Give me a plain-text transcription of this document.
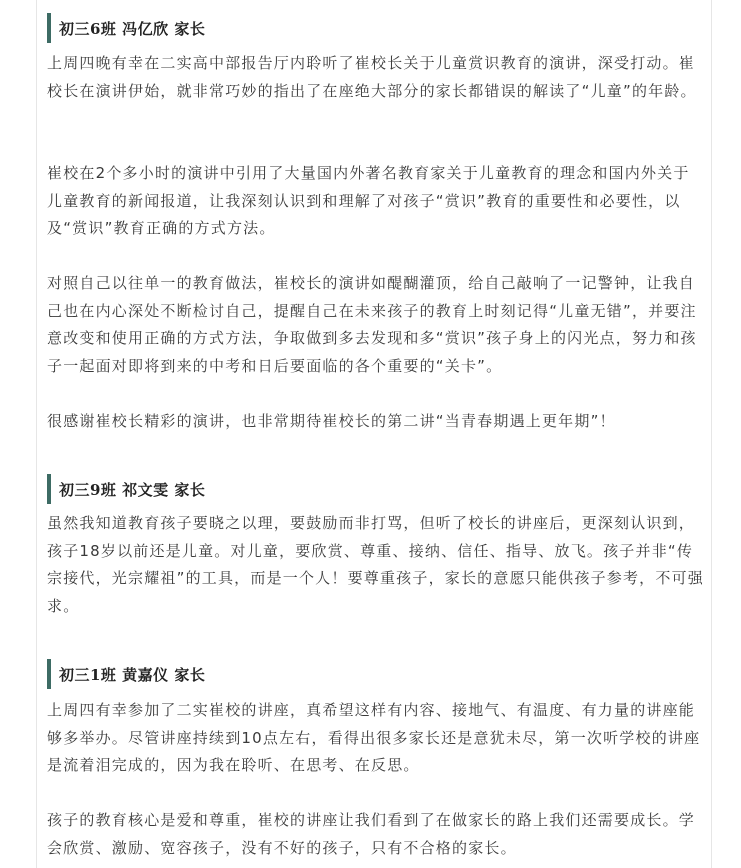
初三6班 冯亿欣 家长

上周四晚有幸在二实高中部报告厅内聆听了崔校长关于儿童赏识教育的演讲，深受打动。崔校长在演讲伊始，就非常巧妙的指出了在座绝大部分的家长都错误的解读了“儿童”的年龄。

崔校在2个多小时的演讲中引用了大量国内外著名教育家关于儿童教育的理念和国内外关于儿童教育的新闻报道，让我深刻认识到和理解了对孩子“赏识”教育的重要性和必要性，以及“赏识”教育正确的方式方法。

对照自己以往单一的教育做法，崔校长的演讲如醍醐灌顶，给自己敲响了一记警钟，让我自己也在内心深处不断检讨自己，提醒自己在未来孩子的教育上时刻记得“儿童无错”，并要注意改变和使用正确的方式方法，争取做到多去发现和多“赏识”孩子身上的闪光点，努力和孩子一起面对即将到来的中考和日后要面临的各个重要的“关卡”。

很感谢崔校长精彩的演讲，也非常期待崔校长的第二讲“当青春期遇上更年期”！

初三9班 祁文雯 家长

虽然我知道教育孩子要晓之以理，要鼓励而非打骂，但听了校长的讲座后，更深刻认识到，孩子18岁以前还是儿童。对儿童，要欣赏、尊重、接纳、信任、指导、放飞。孩子并非“传宗接代，光宗耀祖”的工具，而是一个人！要尊重孩子，家长的意愿只能供孩子参考，不可强求。

初三1班 黄嘉仪 家长

上周四有幸参加了二实崔校的讲座，真希望这样有内容、接地气、有温度、有力量的讲座能够多举办。尽管讲座持续到10点左右，看得出很多家长还是意犹未尽，第一次听学校的讲座是流着泪完成的，因为我在聆听、在思考、在反思。

孩子的教育核心是爱和尊重，崔校的讲座让我们看到了在做家长的路上我们还需要成长。学会欣赏、激励、宽容孩子，没有不好的孩子，只有不合格的家长。
